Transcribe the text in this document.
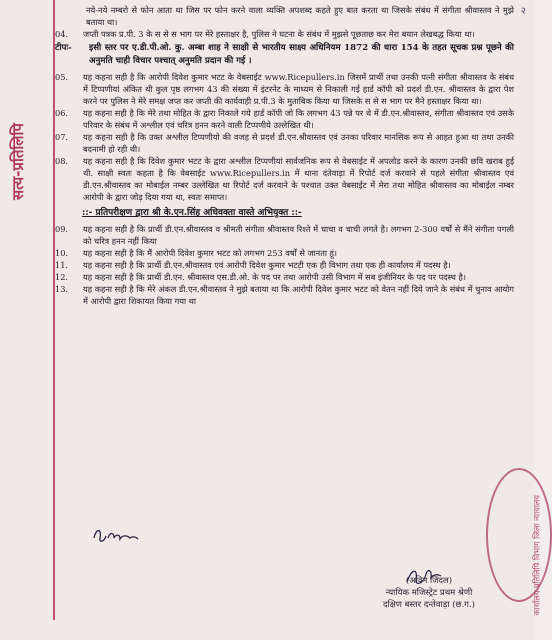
सत्य-प्रतिलिपि
२
नये-नये नम्बरो से फोन आता था जिस पर फोन करने वाला व्यक्ति अपशब्द कहते हुए बात करता था जिसके संबंध में संगीता श्रीवास्तव ने मुझे बताया था।
04.	जप्ती पत्रक प्र.पी. 3 के स से स भाग पर मेरे हस्ताक्षर है, पुलिस ने घटना के संबंध में मुझसे पूछताछ कर मेरा बयान लेखबद्ध किया था।
टीपः-	इसी स्तर पर ए.डी.पी.ओ. कु. अम्बा शाह ने साक्षी से भारतीय साक्ष्य अधिनियम 1872 की धारा 154 के तहत सूचक प्रश्न पूछने की अनुमति चाही विचार पश्चात् अनुमति प्रदान की गई ।
05.	यह कहना सही है कि आरोपी दिवेश कुमार भटट के वेबसाईट www.Ricepullers.in जिसमें प्रार्थी तथा उनकी पत्नी संगीता श्रीवास्तव के संबंध में टिप्पणीयां अंकित थी कुल पृष्ठ लगभग 43 की संख्या में इंटरनेट के माध्यम से निकाली गई हार्ड कॉपी को प्रदर्श डी.एन. श्रीवास्तव के द्वारा पेश करने पर पुलिस ने मेरे समक्ष जप्त कर जप्ती की कार्यवाही प्र.पी.3 के मुताबिक किया था जिसके स से स भाग पर मैने हस्ताक्षर किया था।
06.	यह कहना सही है कि मेरे तथा मोहित के द्वारा निकाले गये हार्ड कॉपी जो कि लगभग 43 पन्ने पर थे में डी.एन.श्रीवास्तव, संगीता श्रीवास्तव एवं उसके परिवार के संबंध में अश्लील एवं चरित्र हनन करने वाली टिप्पणीये उल्लेखित थी।
07.	यह कहना सही है कि उक्त अश्लील टिप्पणीयो की वजह से प्रदर्श डी.एन.श्रीवास्तव एवं उनका परिवार मानसिक रूप से आहत हुआ था तथा उनकी बदनामी हो रही थी।
08.	यह कहना सही है कि दिवेश कुमार भटट के द्वारा अश्लील टिप्पणीयां सार्वजनिक रूप से वेबसाईट में अपलोड करने के कारण उनकी छवि खराब हुई थी. साक्षी स्वतः कहता है कि वेबसाईट www.Ricepullers.in में थाना दंतेवाड़ा में रिपोर्ट दर्ज करवाने से पहले संगीता श्रीवास्तव एवं डी.एन.श्रीवास्तव का मोबाईल नम्बर उल्लेखित था रिपोर्ट दर्ज करवाने के पश्चात उक्त वेबसाईट में मेरा तथा मोहित श्रीवास्तव का मोबाईल नम्बर आरोपी के द्वारा जोड़ दिया गया था, स्वतः समाप्त।
::- प्रतिपरीक्षण द्वारा श्री के.एन.सिंह अधिवक्ता वास्ते अभियुक्त ::-
09.	यह कहना सही है कि प्रार्थी डी.एन.श्रीवास्तव व श्रीमती संगीता श्रीवास्तव रिश्ते में चाचा व चाची लगते है। लगभग 2-300 वर्षों से मैंने संगीता पगली को चरित्र हनन नहीं किया
10.	यह कहना सही है कि मैं आरोपी दिवेश कुमार भटट को लगभग 253 वर्षों से जानता हूं।
11.	यह कहना सही है कि प्रार्थी डी.एन.श्रीवास्तव एवं आरोपी दिवेश कुमार भटट़ी एक ही विभाग तथा एक ही कार्यालय में पदस्थ है।
12.	यह कहना सही है कि प्रार्थी डी.एन. श्रीवास्तव एस.डी.ओ. के पद पर तथा आरोपी उसी विभाग में सब इंजीनियर के पद पर पदस्थ है।
13.	यह कहना सही है कि मेरे अंकल डी.एन.श्रीवास्तव ने मुझे बताया था कि आरोपी दिवेश कुमार भटट को वेतन नहीं दिये जाने के संबंध में चुनाव आयोग में आरोपी द्वारा शिकायत किया गया था
(अविन जिंदल)
न्यायिक मजिस्ट्रेट प्रथम श्रेणी
दक्षिण बस्तर दन्तेवाड़ा (छ.ग.)	कार्यालय प्रतिलिपि विभाग जिला न्यायालय
